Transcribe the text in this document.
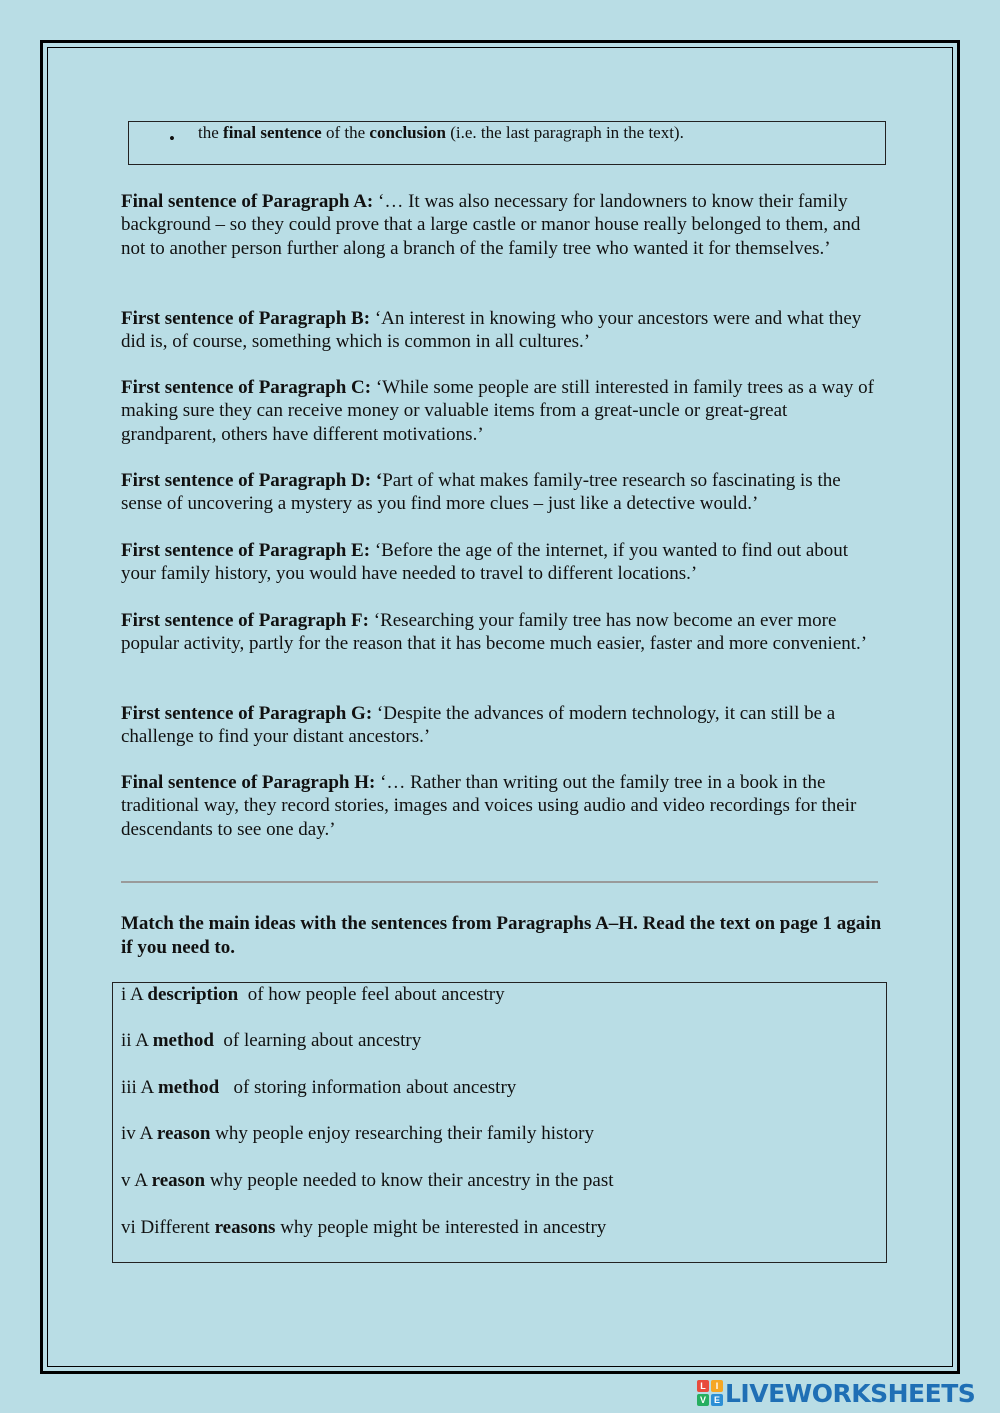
• the final sentence of the conclusion (i.e. the last paragraph in the text).

Final sentence of Paragraph A: ‘… It was also necessary for landowners to know their family background – so they could prove that a large castle or manor house really belonged to them, and not to another person further along a branch of the family tree who wanted it for themselves.’

First sentence of Paragraph B: ‘An interest in knowing who your ancestors were and what they did is, of course, something which is common in all cultures.’

First sentence of Paragraph C: ‘While some people are still interested in family trees as a way of making sure they can receive money or valuable items from a great-uncle or great-great grandparent, others have different motivations.’

First sentence of Paragraph D: ‘Part of what makes family-tree research so fascinating is the sense of uncovering a mystery as you find more clues – just like a detective would.’

First sentence of Paragraph E: ‘Before the age of the internet, if you wanted to find out about your family history, you would have needed to travel to different locations.’

First sentence of Paragraph F: ‘Researching your family tree has now become an ever more popular activity, partly for the reason that it has become much easier, faster and more convenient.’

First sentence of Paragraph G: ‘Despite the advances of modern technology, it can still be a challenge to find your distant ancestors.’

Final sentence of Paragraph H: ‘… Rather than writing out the family tree in a book in the traditional way, they record stories, images and voices using audio and video recordings for their descendants to see one day.’

Match the main ideas with the sentences from Paragraphs A–H. Read the text on page 1 again if you need to.

i A description  of how people feel about ancestry
ii A method  of learning about ancestry
iii A method   of storing information about ancestry
iv A reason why people enjoy researching their family history
v A reason why people needed to know their ancestry in the past
vi Different reasons why people might be interested in ancestry
L	I
V E LIVEWORKSHEETS
